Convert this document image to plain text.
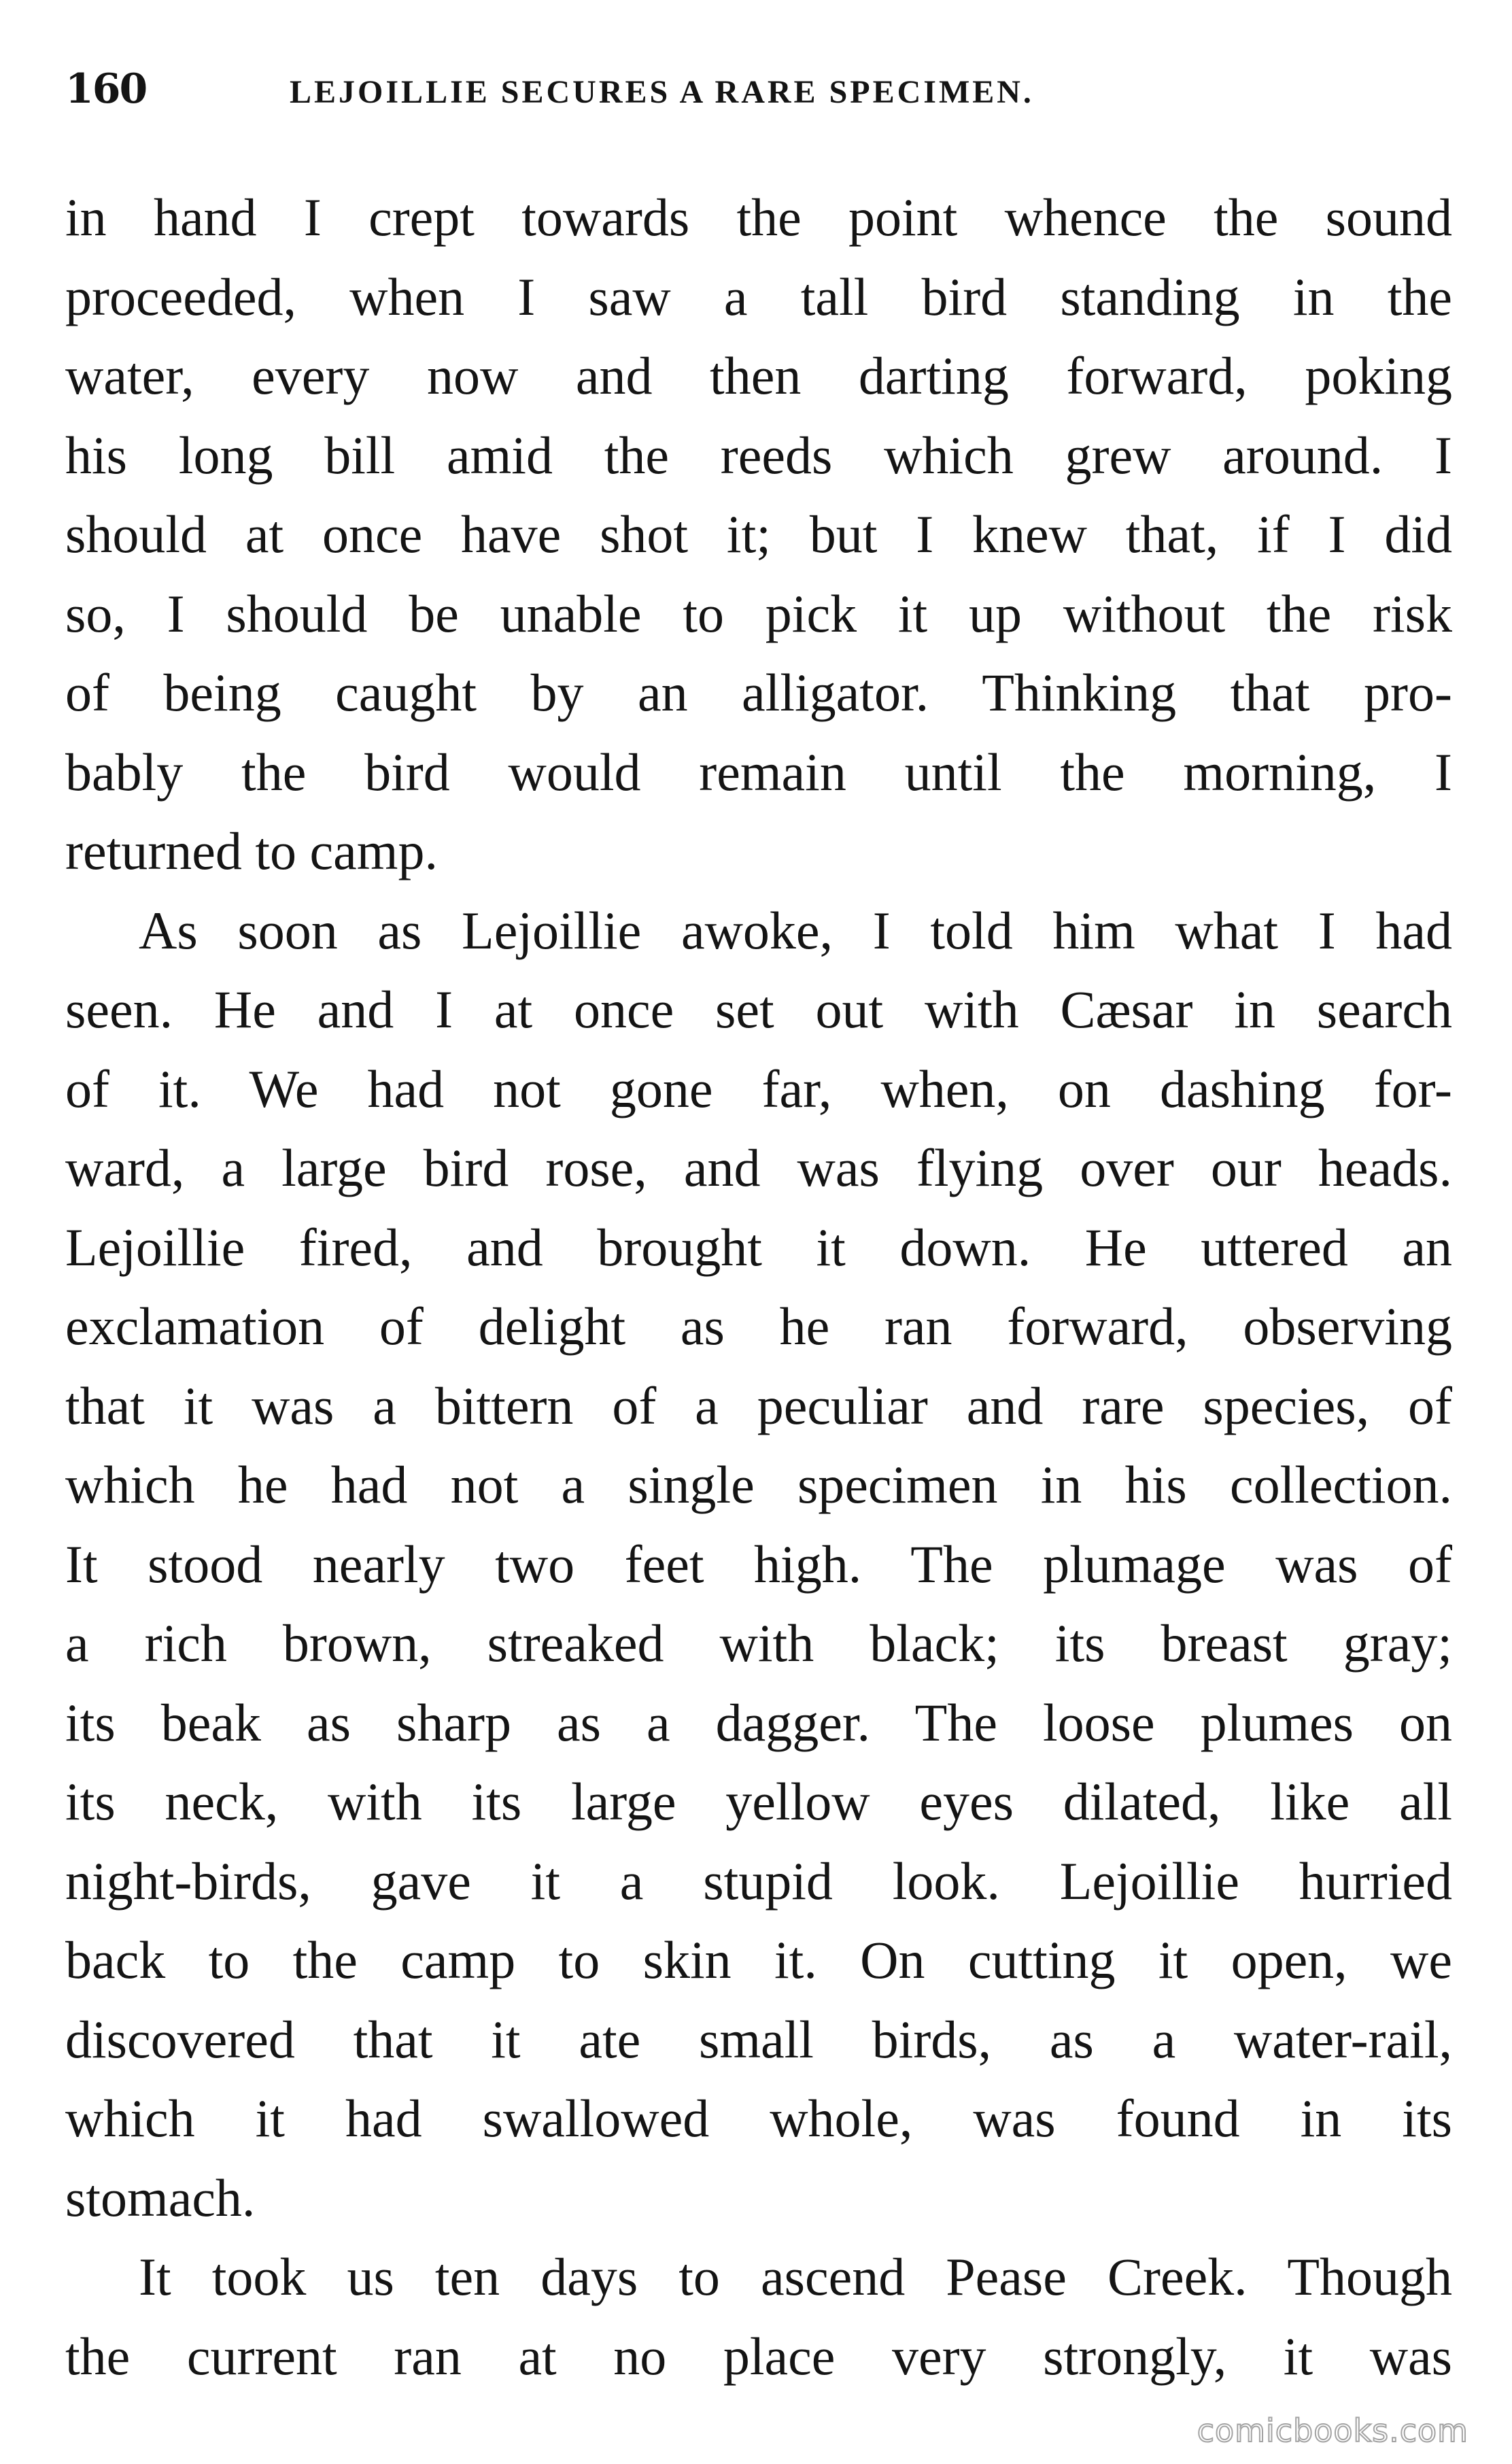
160	LEJOILLIE SECURES A RARE SPECIMEN.
in hand I crept towards the point whence the sound
proceeded, when I saw a tall bird standing in the
water, every now and then darting forward, poking
his long bill amid the reeds which grew around. I
should at once have shot it; but I knew that, if I did
so, I should be unable to pick it up without the risk
of being caught by an alligator. Thinking that pro-
bably the bird would remain until the morning, I
returned to camp.
As soon as Lejoillie awoke, I told him what I had
seen. He and I at once set out with Cæsar in search
of it. We had not gone far, when, on dashing for-
ward, a large bird rose, and was flying over our heads.
Lejoillie fired, and brought it down. He uttered an
exclamation of delight as he ran forward, observing
that it was a bittern of a peculiar and rare species, of
which he had not a single specimen in his collection.
It stood nearly two feet high. The plumage was of
a rich brown, streaked with black; its breast gray;
its beak as sharp as a dagger. The loose plumes on
its neck, with its large yellow eyes dilated, like all
night-birds, gave it a stupid look. Lejoillie hurried
back to the camp to skin it. On cutting it open, we
discovered that it ate small birds, as a water-rail,
which it had swallowed whole, was found in its
stomach.
It took us ten days to ascend Pease Creek. Though
the current ran at no place very strongly, it was
comicbooks.com
